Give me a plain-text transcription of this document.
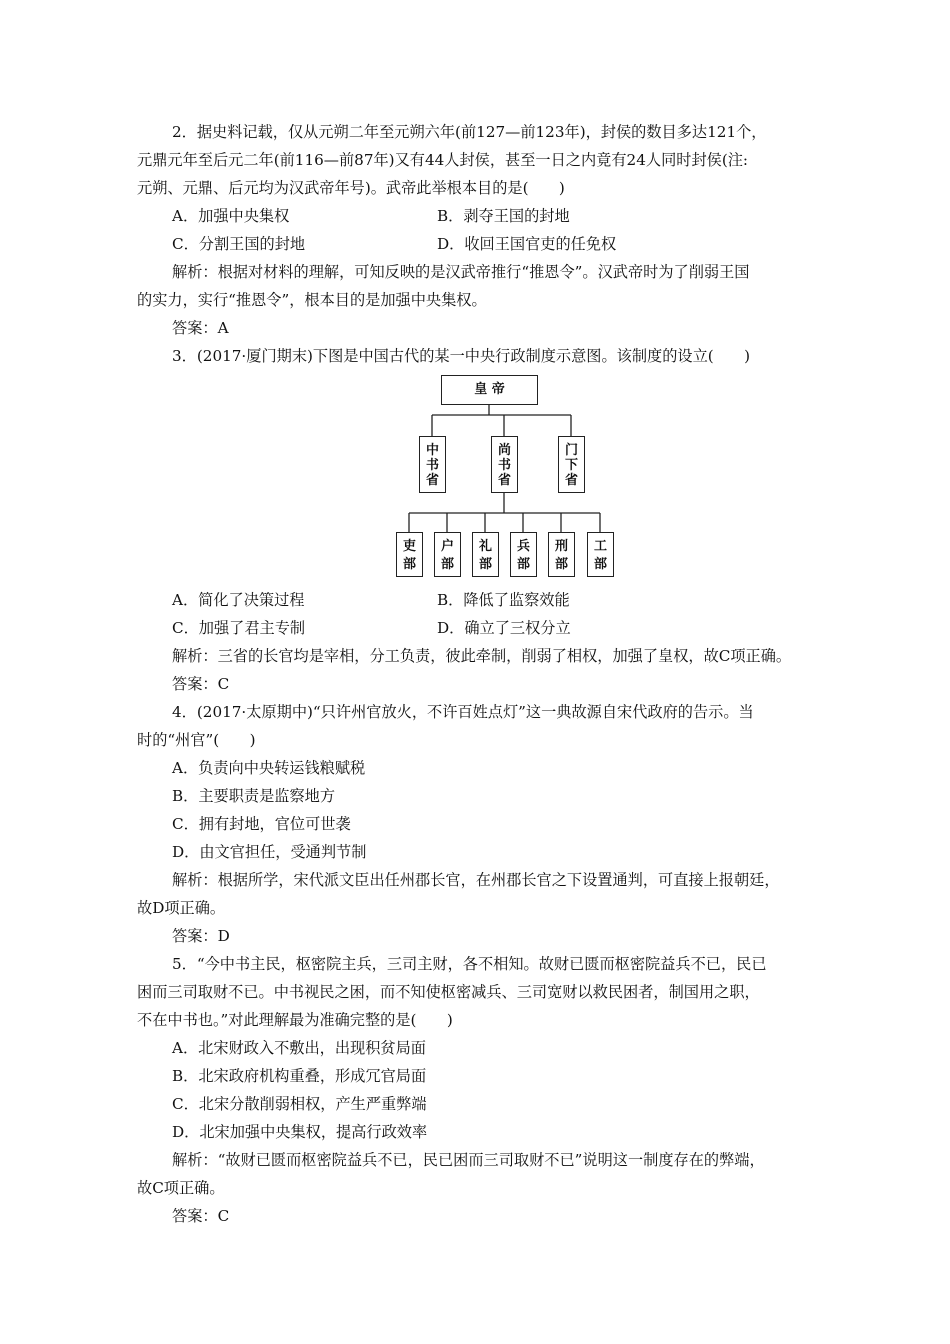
2．据史料记载，仅从元朔二年至元朔六年(前127—前123年)，封侯的数目多达121个，
元鼎元年至后元二年(前116—前87年)又有44人封侯，甚至一日之内竟有24人同时封侯(注:
元朔、元鼎、后元均为汉武帝年号)。武帝此举根本目的是(　　)
A．加强中央集权	B．剥夺王国的封地
C．分割王国的封地	D．收回王国官吏的任免权
解析：根据对材料的理解，可知反映的是汉武帝推行“推恩令”。汉武帝时为了削弱王国
的实力，实行“推恩令”，根本目的是加强中央集权。
答案：A
3．(2017·厦门期末)下图是中国古代的某一中央行政制度示意图。该制度的设立(　　)
皇 帝
中书省
尚书省
门下省
吏部
户部
礼部
兵部
刑部
工部
A．简化了决策过程	B．降低了监察效能
C．加强了君主专制	D．确立了三权分立
解析：三省的长官均是宰相，分工负责，彼此牵制，削弱了相权，加强了皇权，故C项正确。
答案：C
4．(2017·太原期中)“只许州官放火，不许百姓点灯”这一典故源自宋代政府的告示。当
时的“州官”(　　)
A．负责向中央转运钱粮赋税
B．主要职责是监察地方
C．拥有封地，官位可世袭
D．由文官担任，受通判节制
解析：根据所学，宋代派文臣出任州郡长官，在州郡长官之下设置通判，可直接上报朝廷，
故D项正确。
答案：D
5．“今中书主民，枢密院主兵，三司主财，各不相知。故财已匮而枢密院益兵不已，民已
困而三司取财不已。中书视民之困，而不知使枢密减兵、三司宽财以救民困者，制国用之职，
不在中书也。”对此理解最为准确完整的是(　　)
A．北宋财政入不敷出，出现积贫局面
B．北宋政府机构重叠，形成冗官局面
C．北宋分散削弱相权，产生严重弊端
D．北宋加强中央集权，提高行政效率
解析：“故财已匮而枢密院益兵不已，民已困而三司取财不已”说明这一制度存在的弊端，
故C项正确。
答案：C
